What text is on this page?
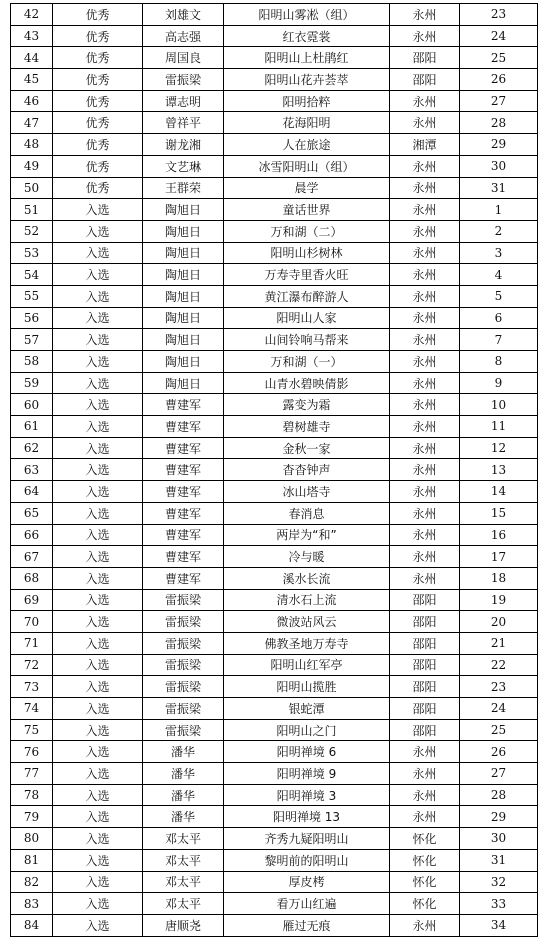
42	优秀	刘雄文	阳明山雾凇（组）	永州	23
43	优秀	高志强	红衣霓裳	永州	24
44	优秀	周国良	阳明山上杜鹃红	邵阳	25
45	优秀	雷振梁	阳明山花卉荟萃	邵阳	26
46	优秀	谭志明	阳明拾粹	永州	27
47	优秀	曾祥平	花海阳明	永州	28
48	优秀	谢龙湘	人在旅途	湘潭	29
49	优秀	文艺琳	冰雪阳明山（组）	永州	30
50	优秀	王群荣	晨学	永州	31
51	入选	陶旭日	童话世界	永州	1
52	入选	陶旭日	万和湖（二）	永州	2
53	入选	陶旭日	阳明山杉树林	永州	3
54	入选	陶旭日	万寿寺里香火旺	永州	4
55	入选	陶旭日	黄江瀑布醉游人	永州	5
56	入选	陶旭日	阳明山人家	永州	6
57	入选	陶旭日	山间铃响马帮来	永州	7
58	入选	陶旭日	万和湖（一）	永州	8
59	入选	陶旭日	山青水碧映倩影	永州	9
60	入选	曹建军	露变为霜	永州	10
61	入选	曹建军	碧树雄寺	永州	11
62	入选	曹建军	金秋一家	永州	12
63	入选	曹建军	杳杳钟声	永州	13
64	入选	曹建军	冰山塔寺	永州	14
65	入选	曹建军	春消息	永州	15
66	入选	曹建军	两岸为“和”	永州	16
67	入选	曹建军	冷与暖	永州	17
68	入选	曹建军	溪水长流	永州	18
69	入选	雷振梁	清水石上流	邵阳	19
70	入选	雷振梁	微波站风云	邵阳	20
71	入选	雷振梁	佛教圣地万寿寺	邵阳	21
72	入选	雷振梁	阳明山红军亭	邵阳	22
73	入选	雷振梁	阳明山揽胜	邵阳	23
74	入选	雷振梁	银蛇潭	邵阳	24
75	入选	雷振梁	阳明山之门	邵阳	25
76	入选	潘华	阳明禅境 6	永州	26
77	入选	潘华	阳明禅境 9	永州	27
78	入选	潘华	阳明禅境 3	永州	28
79	入选	潘华	阳明禅境 13	永州	29
80	入选	邓太平	齐秀九疑阳明山	怀化	30
81	入选	邓太平	黎明前的阳明山	怀化	31
82	入选	邓太平	厚皮栲	怀化	32
83	入选	邓太平	看万山红遍	怀化	33
84	入选	唐顺尧	雁过无痕	永州	34
